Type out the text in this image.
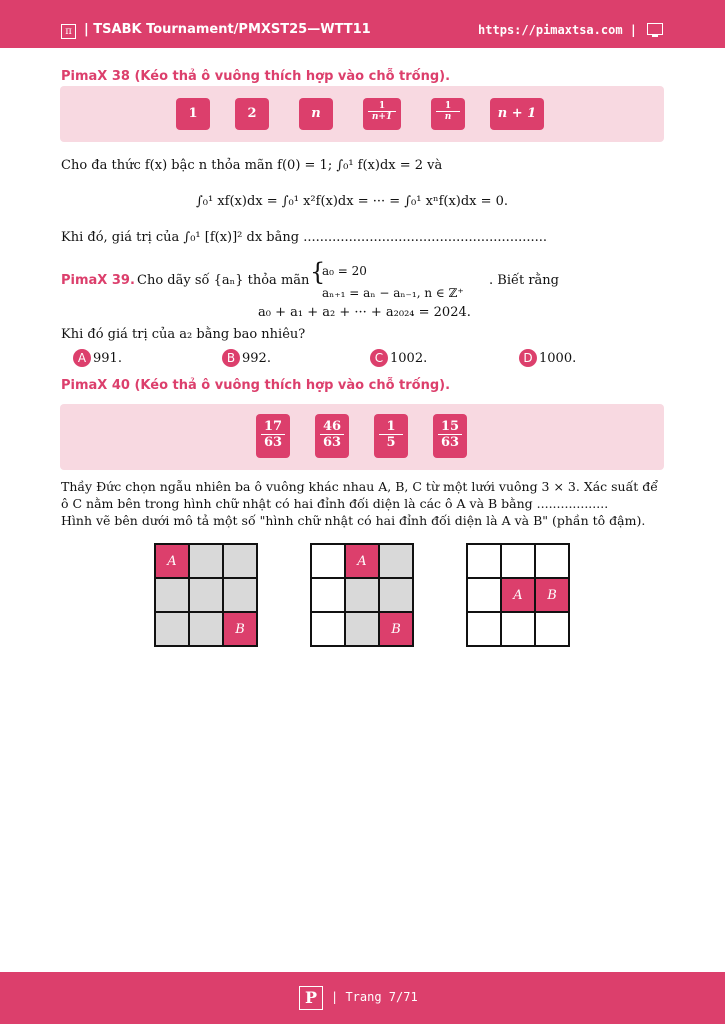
π | TSABK Tournament/PMXST25—WTT11	https://pimaxtsa.com |
PimaX 38 (Kéo thả ô vuông thích hợp vào chỗ trống).
1	2	n	$\frac{1}{n+1}$	$\frac{1}{n}$	n + 1
Cho đa thức f(x) bậc n thỏa mãn f(0) = 1; ∫₀¹ f(x)dx = 2 và
∫₀¹ xf(x)dx = ∫₀¹ x²f(x)dx = ··· = ∫₀¹ xⁿf(x)dx = 0.
Khi đó, giá trị của ∫₀¹ [f(x)]² dx bằng ...........................................................
PimaX 39. Cho dãy số {aₙ} thỏa mãn {
a₀ = 20
aₙ₊₁ = aₙ − aₙ₋₁, n ∈ ℤ⁺
. Biết rằng
a₀ + a₁ + a₂ + ··· + a₂₀₂₄ = 2024.
Khi đó giá trị của a₂ bằng bao nhiêu?
A 991.	B 992.	C 1002.	D 1000.
PimaX 40 (Kéo thả ô vuông thích hợp vào chỗ trống).
$\frac{17}{63} \frac{46}{63} \frac{1}{5} \frac{15}{63}$
Thầy Đức chọn ngẫu nhiên ba ô vuông khác nhau A, B, C từ một lưới vuông 3 × 3. Xác suất để
ô C nằm bên trong hình chữ nhật có hai đỉnh đối diện là các ô A và B bằng ..................
Hình vẽ bên dưới mô tả một số "hình chữ nhật có hai đỉnh đối diện là A và B" (phần tô đậm).
A
B
A
B
A	B
P	| Trang 7/71
